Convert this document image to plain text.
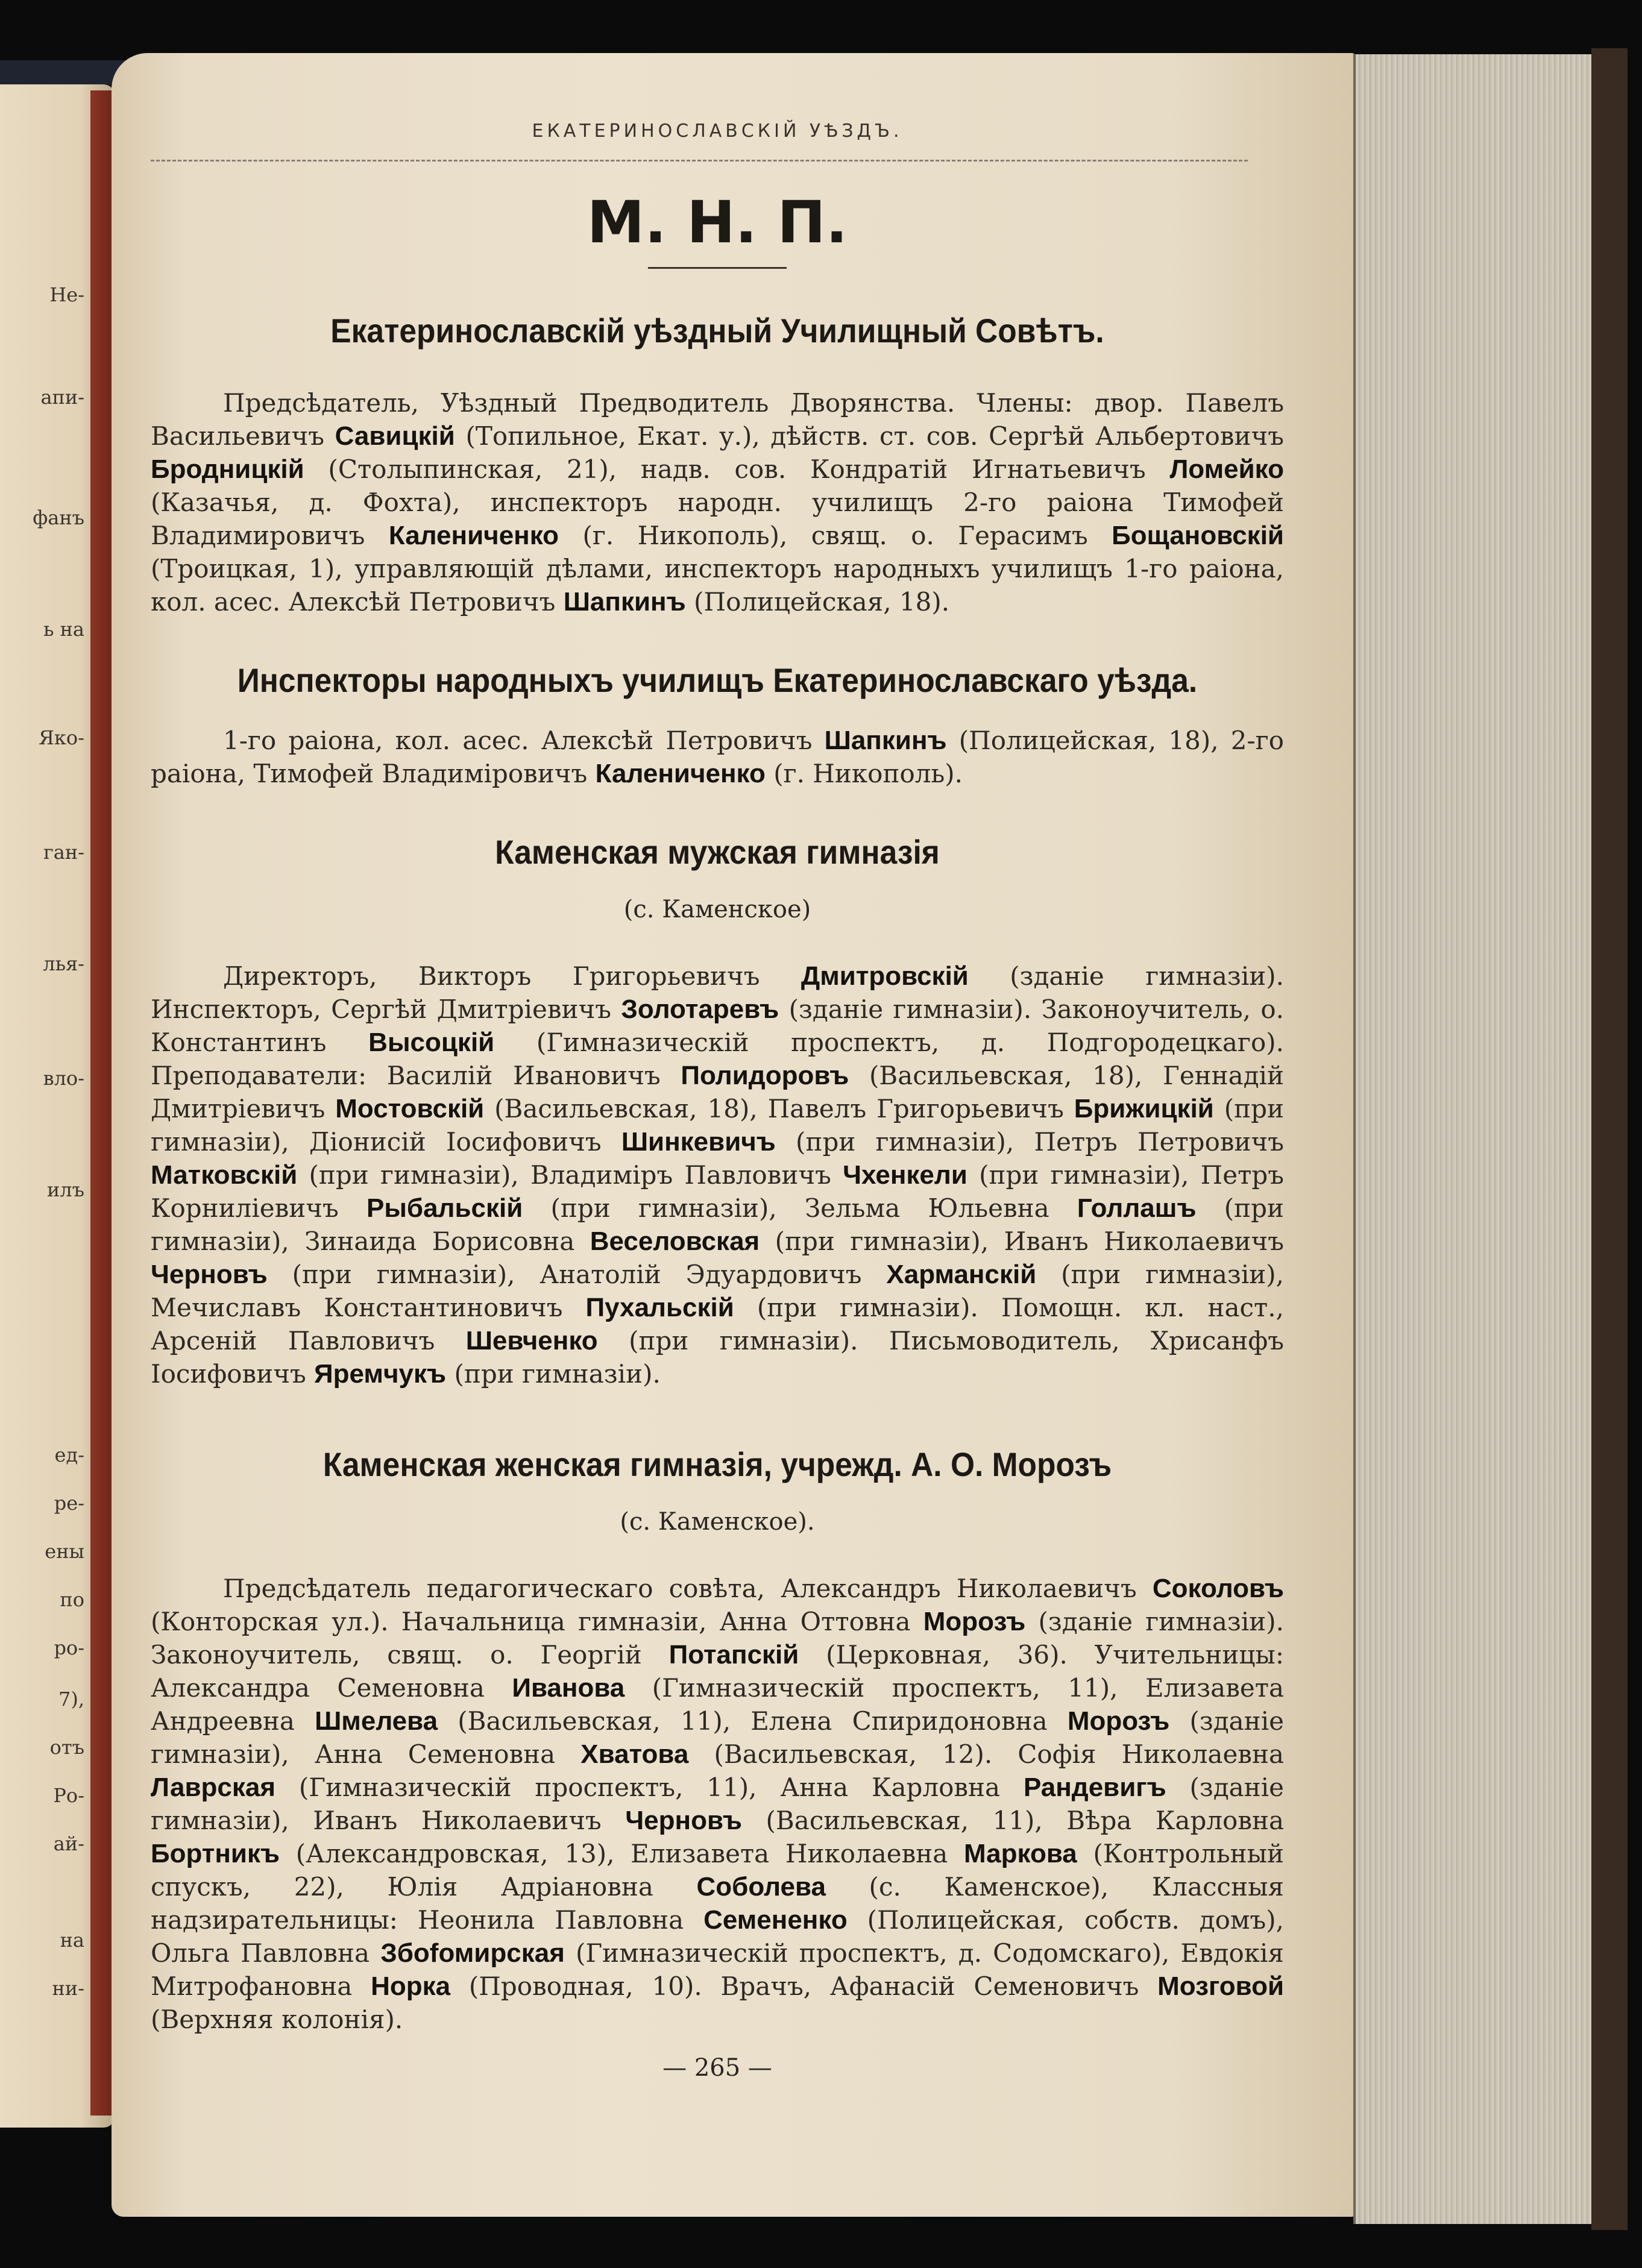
Не-
апи-
фанъ
ь на
Яко-
ган-
лья-
вло-
илъ
ед-
ре-
ены
по
ро-
7),
отъ
Ро-
ай-
на
ни-
ЕКАТЕРИНОСЛАВСКІЙ УѢЗДЪ.
М. Н. П.
Екатеринославскій уѣздный Училищный Совѣтъ.

Предсѣдатель, Уѣздный Предводитель Дворянства. Члены: двор. Павелъ Васильевичъ Савицкій (Топильное, Екат. у.), дѣйств. ст. сов. Сергѣй Альбертовичъ Бродницкій (Столыпинская, 21), надв. сов. Кондратій Игнатьевичъ Ломейко (Казачья, д. Фохта), инспекторъ народн. училищъ 2-го раіона Тимофей Владимировичъ Калениченко (г. Никополь), свящ. о. Герасимъ Бощановскій (Троицкая, 1), управляющій дѣлами, инспекторъ народныхъ училищъ 1-го раіона, кол. асес. Алексѣй Петровичъ Шапкинъ (Полицейская, 18).

Инспекторы народныхъ училищъ Екатеринославскаго уѣзда.

1-го раіона, кол. асес. Алексѣй Петровичъ Шапкинъ (Полицейская, 18), 2-го раіона, Тимофей Владиміровичъ Калениченко (г. Никополь).

Каменская мужская гимназія
(с. Каменское)

Директоръ, Викторъ Григорьевичъ Дмитровскій (зданіе гимназіи). Инспекторъ, Сергѣй Дмитріевичъ Золотаревъ (зданіе гимназіи). Законоучитель, о. Константинъ Высоцкій (Гимназическій проспектъ, д. Подгородецкаго). Преподаватели: Василій Ивановичъ Полидоровъ (Васильевская, 18), Геннадій Дмитріевичъ Мостовскій (Васильевская, 18), Павелъ Григорьевичъ Брижицкій (при гимназіи), Діонисій Іосифовичъ Шинкевичъ (при гимназіи), Петръ Петровичъ Матковскій (при гимназіи), Владиміръ Павловичъ Чхенкели (при гимназіи), Петръ Корниліевичъ Рыбальскій (при гимназіи), Зельма Юльевна Голлашъ (при гимназіи), Зинаида Борисовна Веселовская (при гимназіи), Иванъ Николаевичъ Черновъ (при гимназіи), Анатолій Эдуардовичъ Харманскій (при гимназіи), Мечиславъ Константиновичъ Пухальскій (при гимназіи). Помощн. кл. наст., Арсеній Павловичъ Шевченко (при гимназіи). Письмоводитель, Хрисанфъ Іосифовичъ Яремчукъ (при гимназіи).

Каменская женская гимназія, учрежд. А. О. Морозъ
(с. Каменское).

Предсѣдатель педагогическаго совѣта, Александръ Николаевичъ Соколовъ (Конторская ул.). Начальница гимназіи, Анна Оттовна Морозъ (зданіе гимназіи). Законоучитель, свящ. о. Георгій Потапскій (Церковная, 36). Учительницы: Александра Семеновна Иванова (Гимназическій проспектъ, 11), Елизавета Андреевна Шмелева (Васильевская, 11), Елена Спиридоновна Морозъ (зданіе гимназіи), Анна Семеновна Хватова (Васильевская, 12). Софія Николаевна Лаврская (Гимназическій проспектъ, 11), Анна Карловна Рандевигъ (зданіе гимназіи), Иванъ Николаевичъ Черновъ (Васильевская, 11), Вѣра Карловна Бортникъ (Александровская, 13), Елизавета Николаевна Маркова (Контрольный спускъ, 22), Юлія Адріановна Соболева (с. Каменское), Классныя надзирательницы: Неонила Павловна Семененко (Полицейская, собств. домъ), Ольга Павловна Збоfомирская (Гимназическій проспектъ, д. Содомскаго), Евдокія Митрофановна Норка (Проводная, 10). Врачъ, Афанасій Семеновичъ Мозговой (Верхняя колонія).

— 265 —
